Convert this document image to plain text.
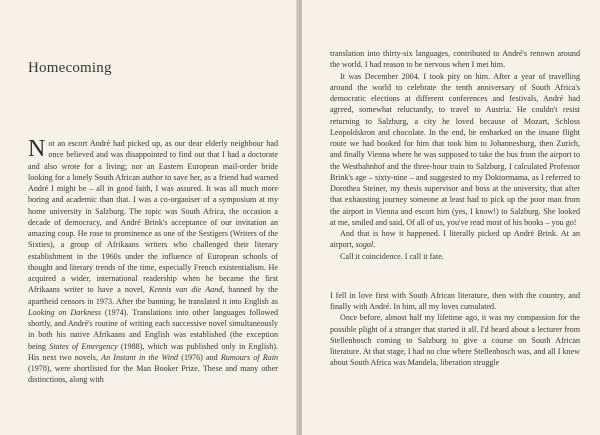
Homecoming

Not an escort André had picked up, as our dear elderly neighbour had once believed and was disappointed to find out that I had a doctorate and also wrote for a living; nor an Eastern European mail-order bride looking for a lonely South African author to save her, as a friend had warned André I might be – all in good faith, I was assured. It was all much more boring and academic than that. I was a co-organiser of a symposium at my home university in Salzburg. The topic was South Africa, the occasion a decade of democracy, and André Brink's acceptance of our invitation an amazing coup. He rose to prominence as one of the Sestigers (Writers of the Sixties), a group of Afrikaans writers who challenged their literary establishment in the 1960s under the influence of European schools of thought and literary trends of the time, especially French existentialism. He acquired a wider, international readership when he became the first Afrikaans writer to have a novel, Kennis van die Aand, banned by the apartheid censors in 1973. After the banning, he translated it into English as Looking on Darkness (1974). Translations into other languages followed shortly, and André's routine of writing each successive novel simultaneously in both his native Afrikaans and English was established (the exception being States of Emergency (1988), which was published only in English). His next two novels, An Instant in the Wind (1976) and Rumours of Rain (1978), were shortlisted for the Man Booker Prize. These and many other distinctions, along with

translation into thirty-six languages, contributed to André's renown around the world. I had reason to be nervous when I met him.

It was December 2004. I took pity on him. After a year of travelling around the world to celebrate the tenth anniversary of South Africa's democratic elections at different conferences and festivals, André had agreed, somewhat reluctantly, to travel to Austria. He couldn't resist returning to Salzburg, a city he loved because of Mozart, Schloss Leopoldskron and chocolate. In the end, he embarked on the insane flight route we had booked for him that took him to Johannesburg, then Zurich, and finally Vienna where he was supposed to take the bus from the airport to the Westbahnhof and the three-hour train to Salzburg. I calculated Professor Brink's age – sixty-nine – and suggested to my Doktormama, as I referred to Dorothea Steiner, my thesis supervisor and boss at the university, that after that exhausting journey someone at least had to pick up the poor man from the airport in Vienna and escort him (yes, I know!) to Salzburg. She looked at me, smiled and said, Of all of us, you've read most of his books – you go!

And that is how it happened. I literally picked up André Brink. At an airport, sogal.

Call it coincidence. I call it fate.

I fell in love first with South African literature, then with the country, and finally with André. In him, all my loves cumulated.

Once before, almost half my lifetime ago, it was my compassion for the possible plight of a stranger that started it all. I'd heard about a lecturer from Stellenbosch coming to Salzburg to give a course on South African literature. At that stage, I had no clue where Stellenbosch was, and all I knew about South Africa was Mandela, liberation struggle
